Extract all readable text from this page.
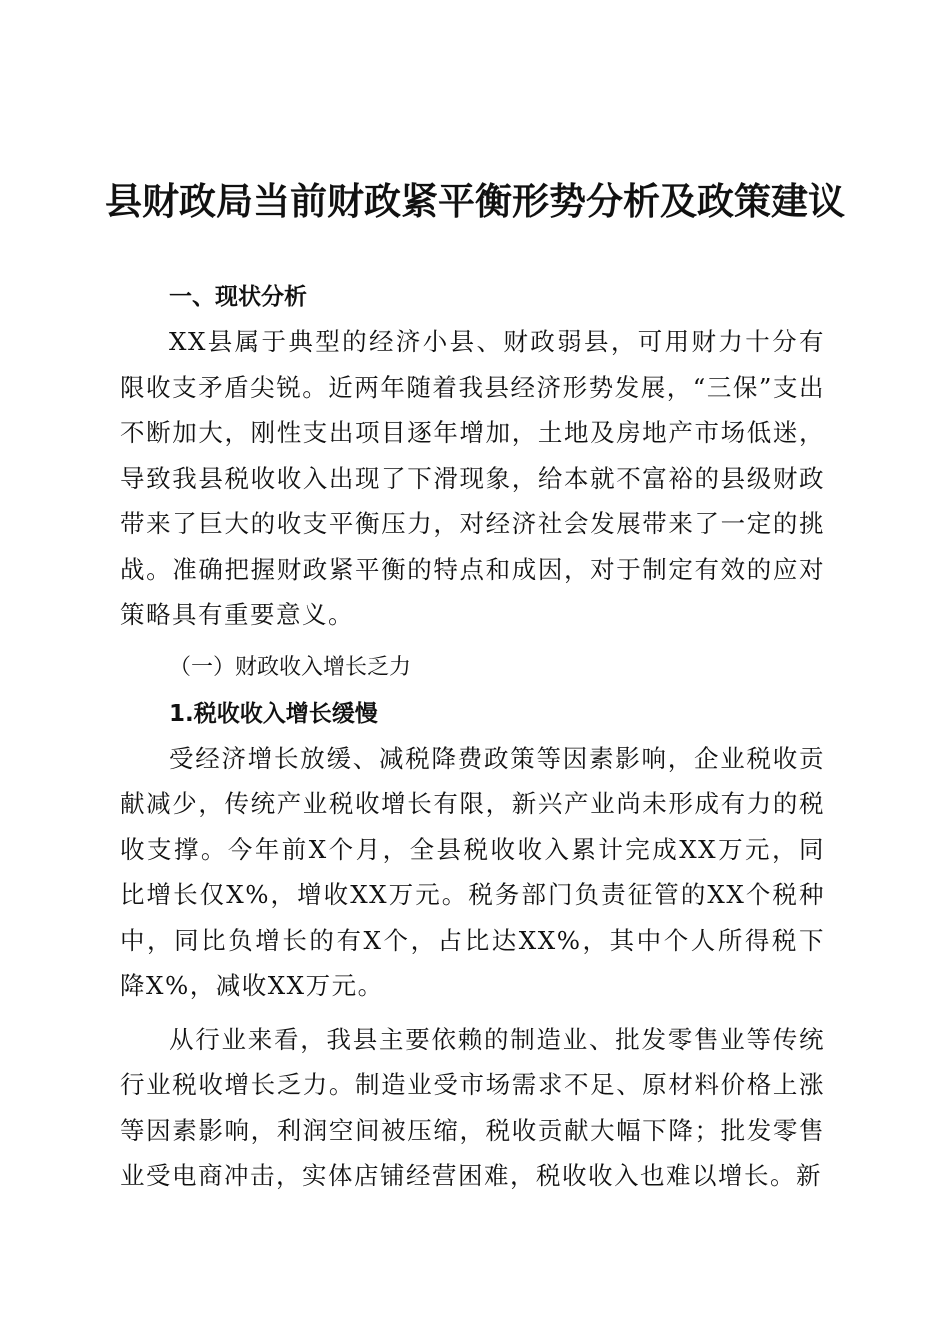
县财政局当前财政紧平衡形势分析及政策建议
一、现状分析

XX县属于典型的经济小县、财政弱县，可用财力十分有限收支矛盾尖锐。近两年随着我县经济形势发展，“三保”支出不断加大，刚性支出项目逐年增加，土地及房地产市场低迷，导致我县税收收入出现了下滑现象，给本就不富裕的县级财政带来了巨大的收支平衡压力，对经济社会发展带来了一定的挑战。准确把握财政紧平衡的特点和成因，对于制定有效的应对策略具有重要意义。

（一）财政收入增长乏力
1.税收收入增长缓慢

受经济增长放缓、减税降费政策等因素影响，企业税收贡献减少，传统产业税收增长有限，新兴产业尚未形成有力的税收支撑。今年前X个月，全县税收收入累计完成XX万元，同比增长仅X%，增收XX万元。税务部门负责征管的XX个税种中，同比负增长的有X个，占比达XX%，其中个人所得税下降X%，减收XX万元。

从行业来看，我县主要依赖的制造业、批发零售业等传统行业税收增长乏力。制造业受市场需求不足、原材料价格上涨等因素影响，利润空间被压缩，税收贡献大幅下降；批发零售业受电商冲击，实体店铺经营困难，税收收入也难以增长。新
